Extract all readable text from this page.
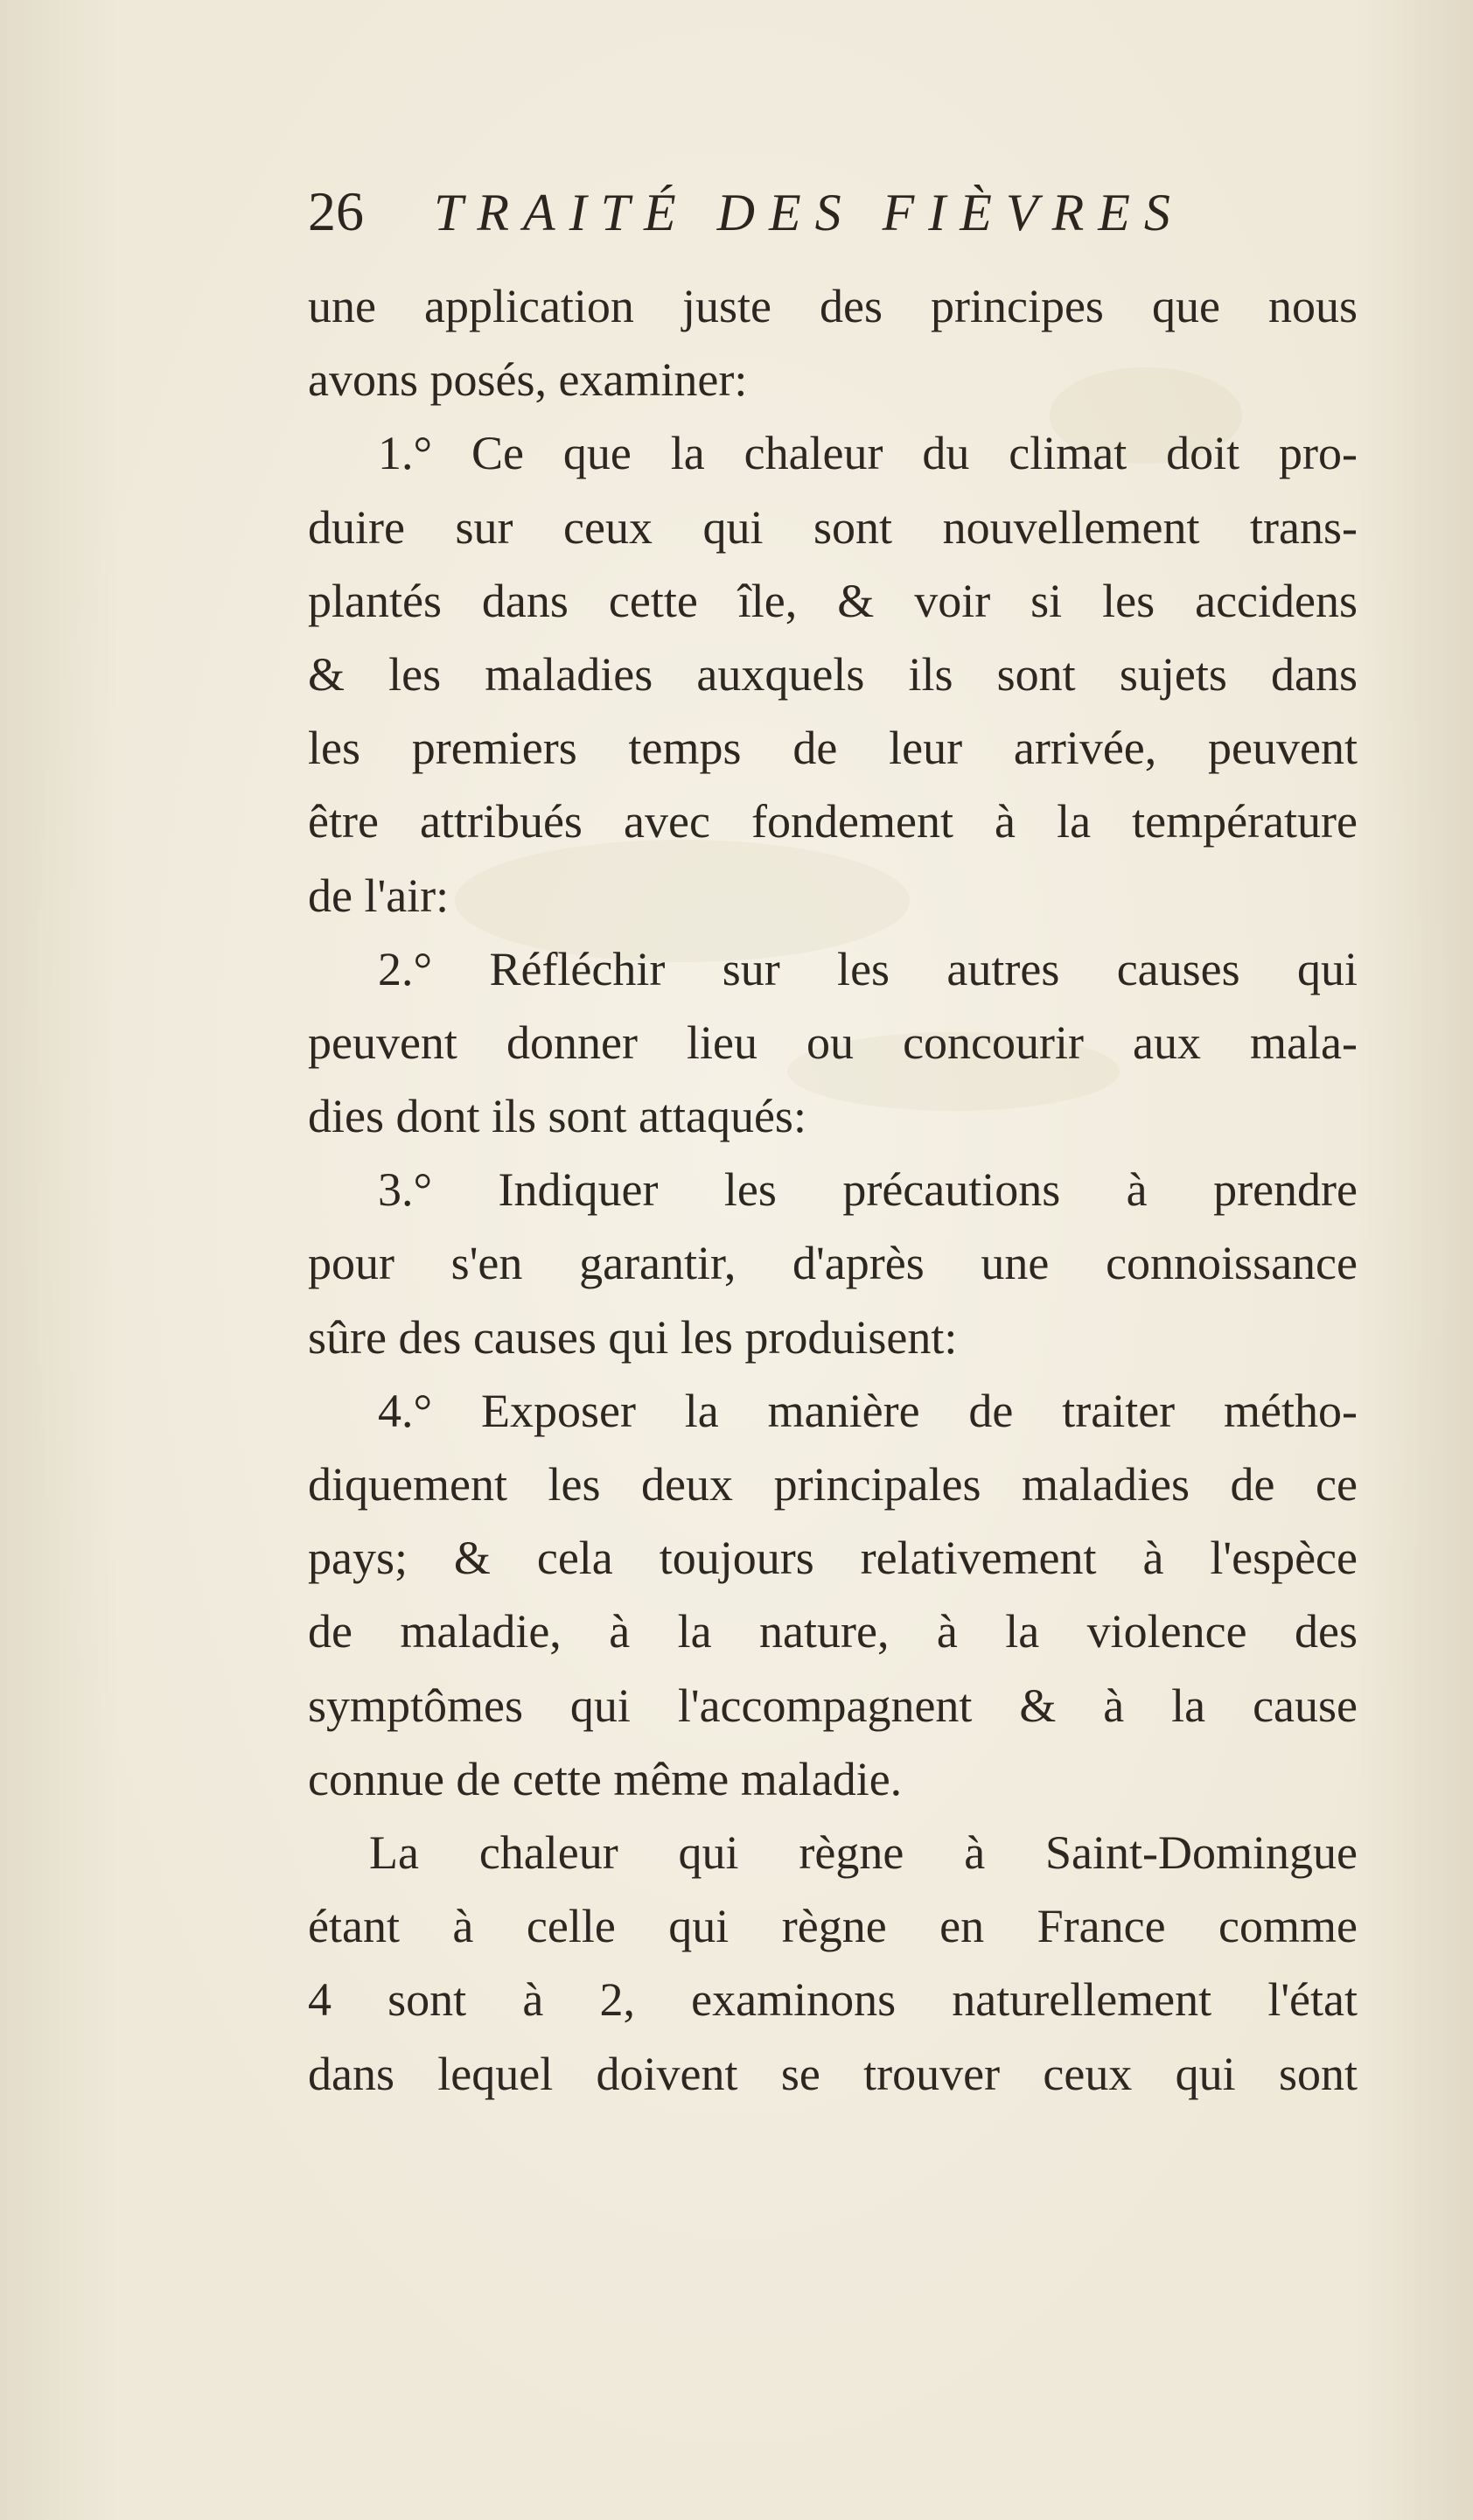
26 TRAITÉ DES FIÈVRES
une application juste des principes que nous
avons posés, examiner:
1.° Ce que la chaleur du climat doit pro-
duire sur ceux qui sont nouvellement trans-
plantés dans cette île, & voir si les accidens
& les maladies auxquels ils sont sujets dans
les premiers temps de leur arrivée, peuvent
être attribués avec fondement à la température
de l'air:
2.° Réfléchir sur les autres causes qui
peuvent donner lieu ou concourir aux mala-
dies dont ils sont attaqués:
3.° Indiquer les précautions à prendre
pour s'en garantir, d'après une connoissance
sûre des causes qui les produisent:
4.° Exposer la manière de traiter métho-
diquement les deux principales maladies de ce
pays; & cela toujours relativement à l'espèce
de maladie, à la nature, à la violence des
symptômes qui l'accompagnent & à la cause
connue de cette même maladie.
La chaleur qui règne à Saint-Domingue
étant à celle qui règne en France comme
4 sont à 2, examinons naturellement l'état
dans lequel doivent se trouver ceux qui sont
